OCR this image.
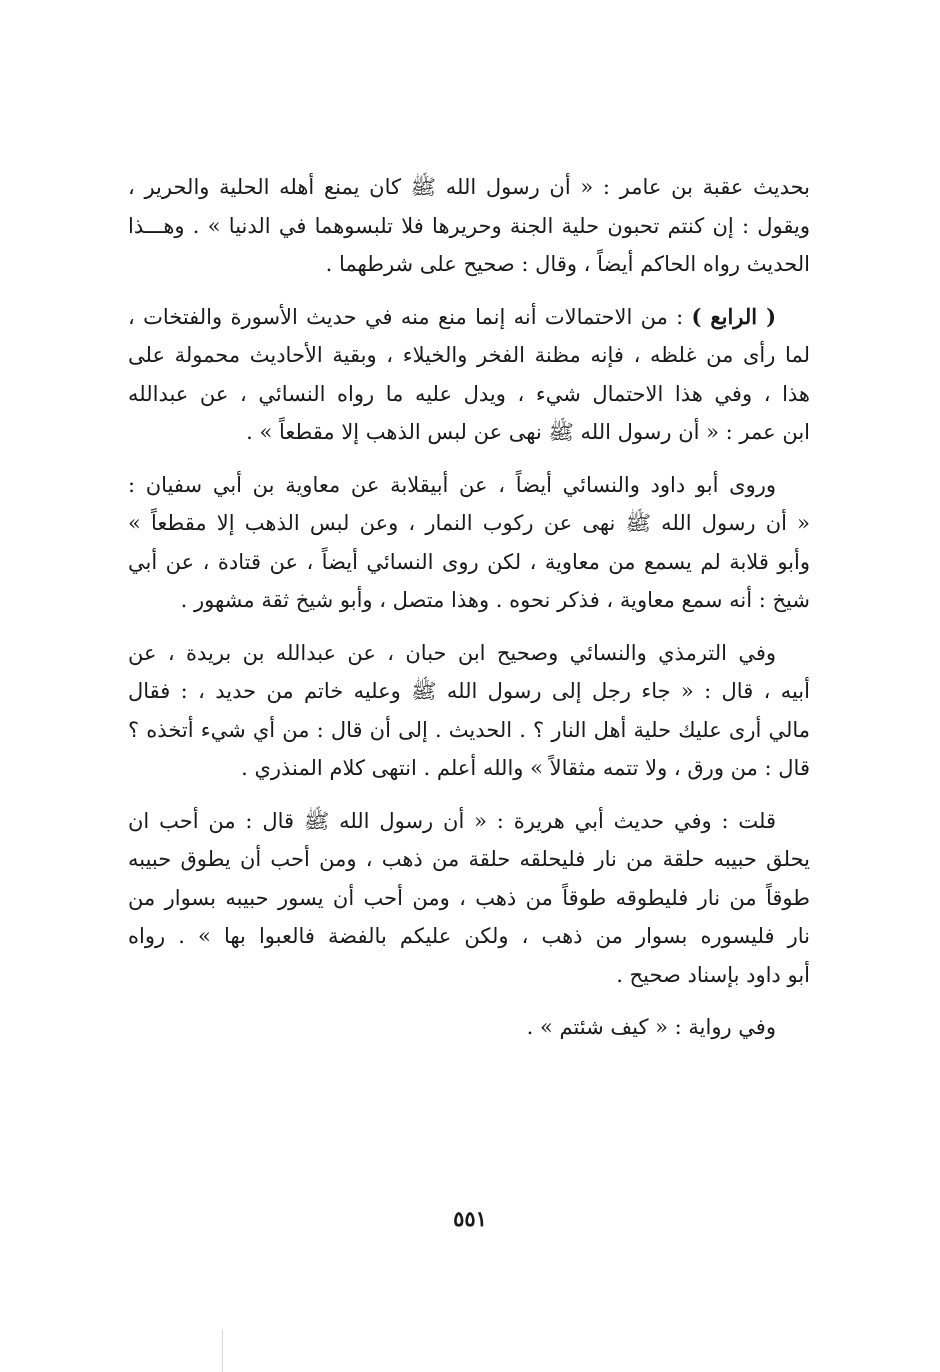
بحديث عقبة بن عامر : « أن رسول الله ﷺ كان يمنع أهله الحلية والحرير ،
ويقول : إن كنتم تحبون حلية الجنة وحريرها فلا تلبسوهما في الدنيا » . وهـــذا
الحديث رواه الحاكم أيضاً ، وقال : صحيح على شرطهما .
( الرابع ) : من الاحتمالات أنه إنما منع منه في حديث الأسورة والفتخات ،
لما رأى من غلظه ، فإنه مظنة الفخر والخيلاء ، وبقية الأحاديث محمولة على
هذا ، وفي هذا الاحتمال شيء ، ويدل عليه ما رواه النسائي ، عن عبدالله
ابن عمر : « أن رسول الله ﷺ نهى عن لبس الذهب إلا مقطعاً » .
وروى أبو داود والنسائي أيضاً ، عن أبيقلابة عن معاوية بن أبي سفيان :
« أن رسول الله ﷺ نهى عن ركوب النمار ، وعن لبس الذهب إلا مقطعاً »
وأبو قلابة لم يسمع من معاوية ، لكن روى النسائي أيضاً ، عن قتادة ، عن أبي
شيخ : أنه سمع معاوية ، فذكر نحوه . وهذا متصل ، وأبو شيخ ثقة مشهور .
وفي الترمذي والنسائي وصحيح ابن حبان ، عن عبدالله بن بريدة ، عن
أبيه ، قال : « جاء رجل إلى رسول الله ﷺ وعليه خاتم من حديد ، : فقال
مالي أرى عليك حلية أهل النار ؟ . الحديث . إلى أن قال : من أي شيء أتخذه ؟
قال : من ورق ، ولا تتمه مثقالاً » والله أعلم . انتهى كلام المنذري .
قلت : وفي حديث أبي هريرة : « أن رسول الله ﷺ قال : من أحب ان
يحلق حبيبه حلقة من نار فليحلقه حلقة من ذهب ، ومن أحب أن يطوق حبيبه
طوقاً من نار فليطوقه طوقاً من ذهب ، ومن أحب أن يسور حبيبه بسوار من
نار فليسوره بسوار من ذهب ، ولكن عليكم بالفضة فالعبوا بها » . رواه
أبو داود بإسناد صحيح .
وفي رواية : « كيف شئتم » .
٥٥١
